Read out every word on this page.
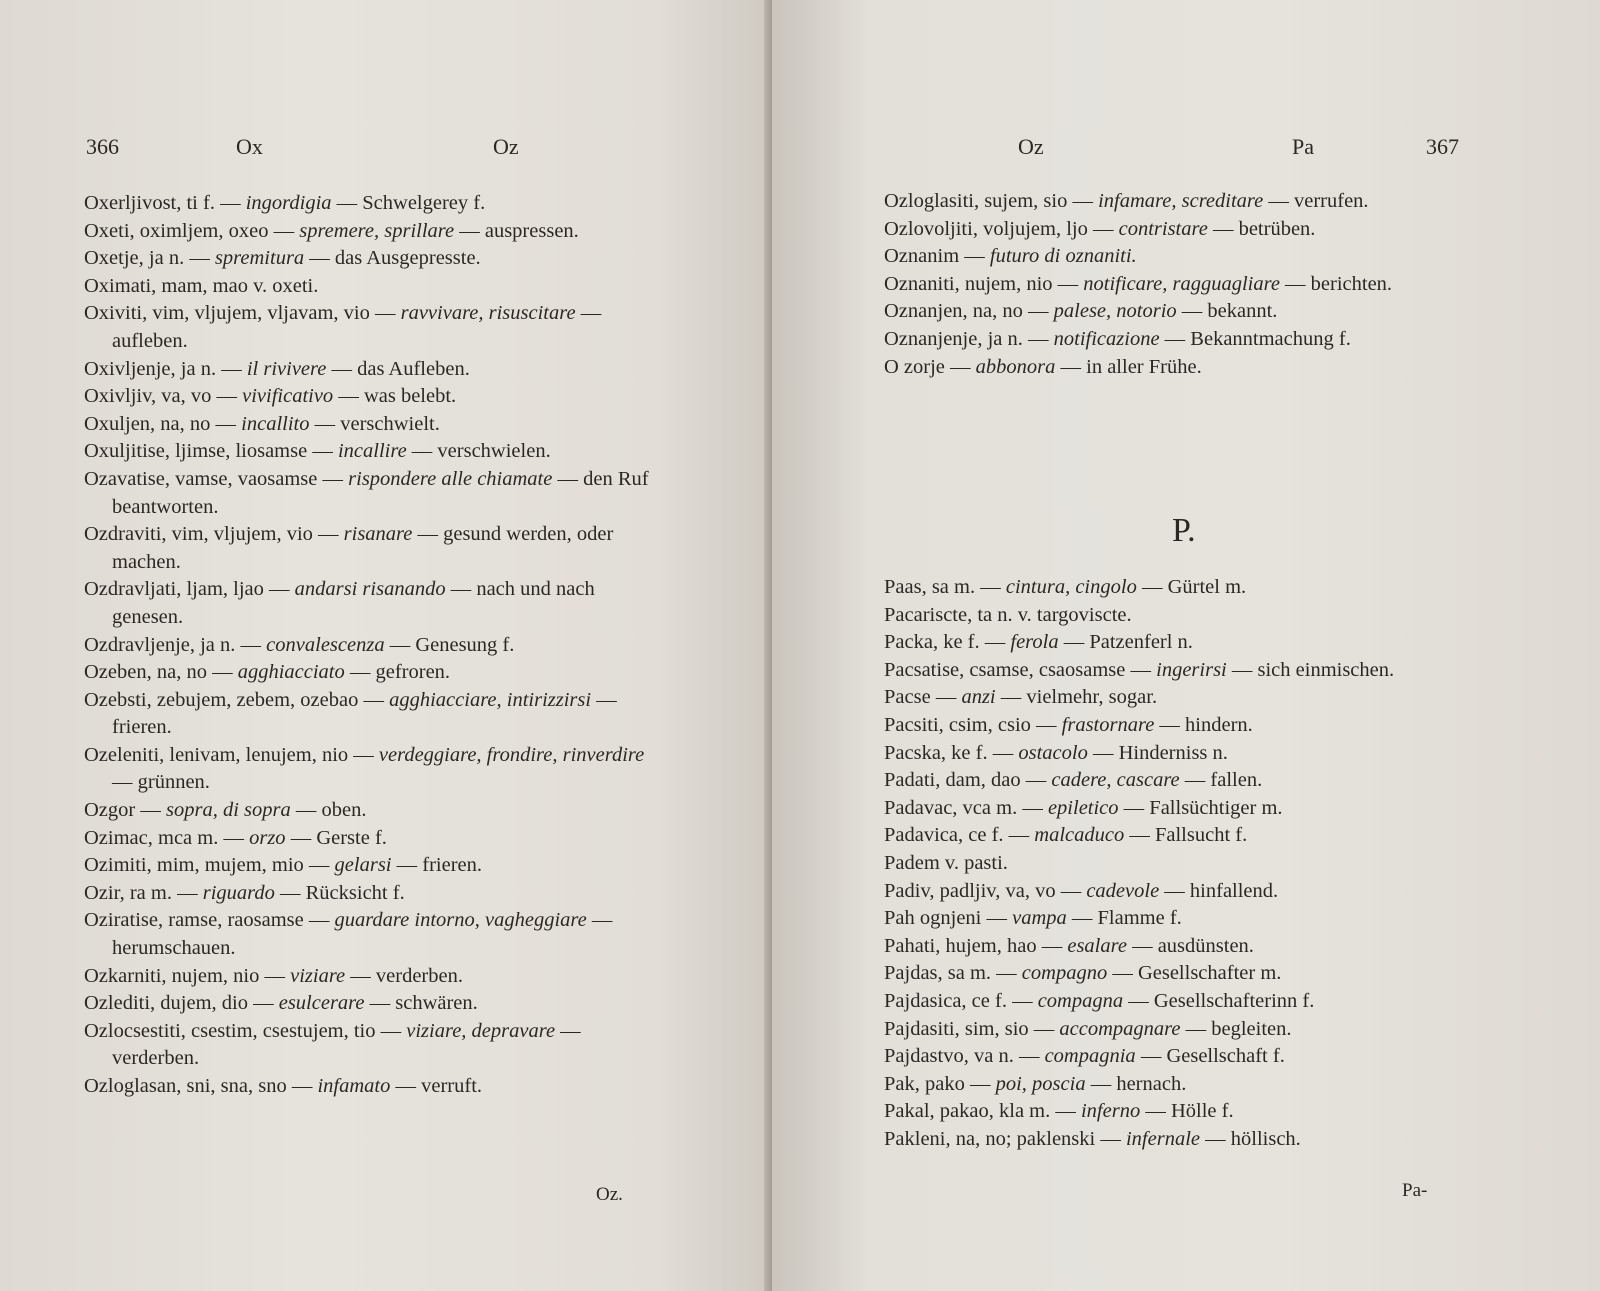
366	Ox	Oz
Oxerljivost, ti f. — ingordigia — Schwelgerey f.
Oxeti, oximljem, oxeo — spremere, sprillare — auspressen.
Oxetje, ja n. — spremitura — das Ausgepresste.
Oximati, mam, mao v. oxeti.
Oxiviti, vim, vljujem, vljavam, vio — ravvivare, risuscitare — aufleben.
Oxivljenje, ja n. — il rivivere — das Aufleben.
Oxivljiv, va, vo — vivificativo — was belebt.
Oxuljen, na, no — incallito — verschwielt.
Oxuljitise, ljimse, liosamse — incallire — verschwielen.
Ozavatise, vamse, vaosamse — rispondere alle chiamate — den Ruf beantworten.
Ozdraviti, vim, vljujem, vio — risanare — gesund werden, oder machen.
Ozdravljati, ljam, ljao — andarsi risanando — nach und nach genesen.
Ozdravljenje, ja n. — convalescenza — Genesung f.
Ozeben, na, no — agghiacciato — gefroren.
Ozebsti, zebujem, zebem, ozebao — agghiacciare, intirizzirsi — frieren.
Ozeleniti, lenivam, lenujem, nio — verdeggiare, frondire, rinverdire — grünnen.
Ozgor — sopra, di sopra — oben.
Ozimac, mca m. — orzo — Gerste f.
Ozimiti, mim, mujem, mio — gelarsi — frieren.
Ozir, ra m. — riguardo — Rücksicht f.
Oziratise, ramse, raosamse — guardare intorno, vagheggiare — herumschauen.
Ozkarniti, nujem, nio — viziare — verderben.
Ozlediti, dujem, dio — esulcerare — schwären.
Ozlocsestiti, csestim, csestujem, tio — viziare, depravare — verderben.
Ozloglasan, sni, sna, sno — infamato — verruft.
Oz.
Oz	Pa	367
Ozloglasiti, sujem, sio — infamare, screditare — verrufen.
Ozlovoljiti, voljujem, ljo — contristare — betrüben.
Oznanim — futuro di oznaniti.
Oznaniti, nujem, nio — notificare, ragguagliare — berichten.
Oznanjen, na, no — palese, notorio — bekannt.
Oznanjenje, ja n. — notificazione — Bekanntmachung f.
O zorje — abbonora — in aller Frühe.
P.
Paas, sa m. — cintura, cingolo — Gürtel m.
Pacariscte, ta n. v. targoviscte.
Packa, ke f. — ferola — Patzenferl n.
Pacsatise, csamse, csaosamse — ingerirsi — sich einmischen.
Pacse — anzi — vielmehr, sogar.
Pacsiti, csim, csio — frastornare — hindern.
Pacska, ke f. — ostacolo — Hinderniss n.
Padati, dam, dao — cadere, cascare — fallen.
Padavac, vca m. — epiletico — Fallsüchtiger m.
Padavica, ce f. — malcaduco — Fallsucht f.
Padem v. pasti.
Padiv, padljiv, va, vo — cadevole — hinfallend.
Pah ognjeni — vampa — Flamme f.
Pahati, hujem, hao — esalare — ausdünsten.
Pajdas, sa m. — compagno — Gesellschafter m.
Pajdasica, ce f. — compagna — Gesellschafterinn f.
Pajdasiti, sim, sio — accompagnare — begleiten.
Pajdastvo, va n. — compagnia — Gesellschaft f.
Pak, pako — poi, poscia — hernach.
Pakal, pakao, kla m. — inferno — Hölle f.
Pakleni, na, no; paklenski — infernale — höllisch.
Pa-
